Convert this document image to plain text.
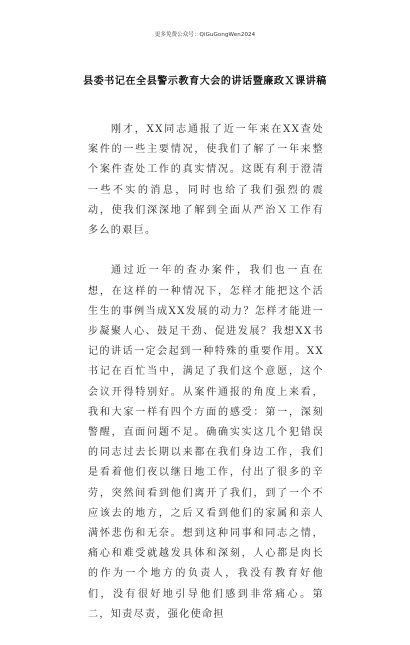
更多免费公众号：QiGuGongWen2024
县委书记在全县警示教育大会的讲话暨廉政Ｘ课讲稿

刚才，XX同志通报了近一年来在XX查处案件的一些主要情况，使我们了解了一年来整个案件查处工作的真实情况。这既有利于澄清一些不实的消息，同时也给了我们强烈的震动，使我们深深地了解到全面从严治Ｘ工作有多么的艰巨。

通过近一年的查办案件，我们也一直在想，在这样的一种情况下，怎样才能把这个活生生的事例当成XX发展的动力？怎样才能进一步凝聚人心、鼓足干劲、促进发展？我想XX书记的讲话一定会起到一种特殊的重要作用。XX书记在百忙当中，满足了我们这个意愿，这个会议开得特别好。从案件通报的角度上来看，我和大家一样有四个方面的感受：第一，深刻警醒，直面问题不足。确确实实这几个犯错误的同志过去长期以来都在我们身边工作，我们是看着他们夜以继日地工作，付出了很多的辛劳，突然间看到他们离开了我们，到了一个不应该去的地方，之后又看到他们的家属和亲人满怀悲伤和无奈。想到这种同事和同志之情，痛心和难受就越发具体和深刻，人心都是肉长的作为一个地方的负责人，我没有教育好他们，没有很好地引导他们感到非常痛心。第二，知责尽责，强化使命担
